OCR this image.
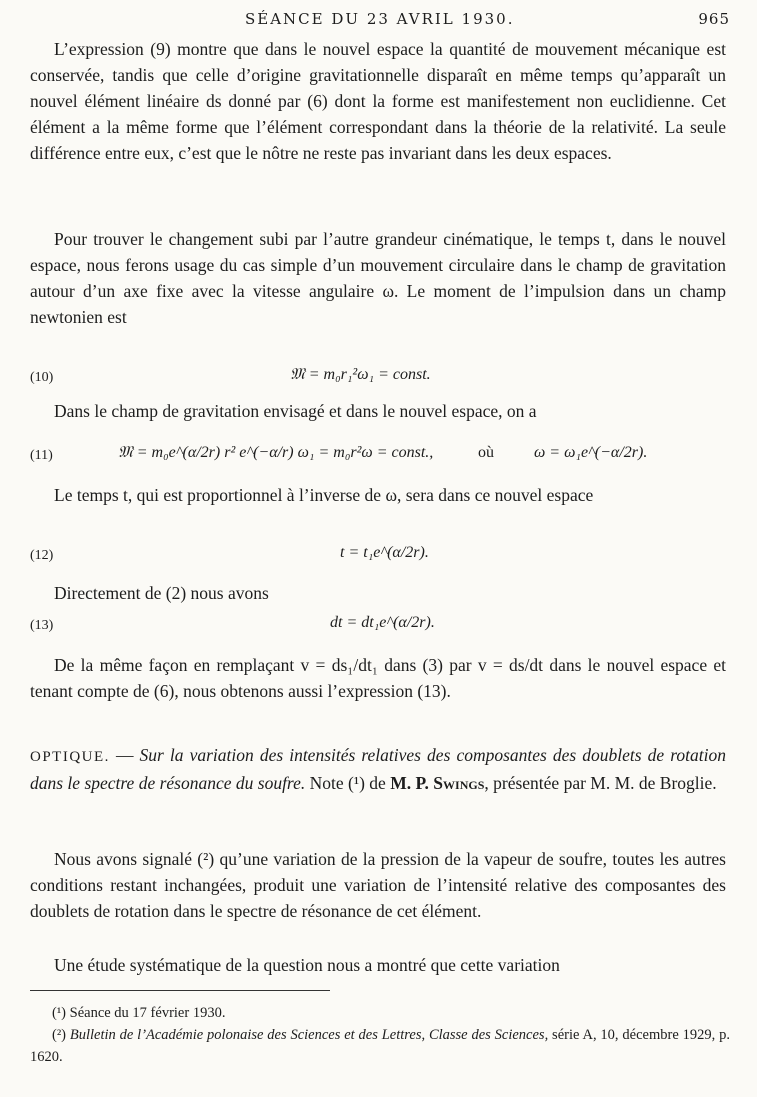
SÉANCE DU 23 AVRIL 1930.	965
L’expression (9) montre que dans le nouvel espace la quantité de mouvement mécanique est conservée, tandis que celle d’origine gravitationnelle disparaît en même temps qu’apparaît un nouvel élément linéaire ds donné par (6) dont la forme est manifestement non euclidienne. Cet élément a la même forme que l’élément correspondant dans la théorie de la relativité. La seule différence entre eux, c’est que le nôtre ne reste pas invariant dans les deux espaces.
Pour trouver le changement subi par l’autre grandeur cinématique, le temps t, dans le nouvel espace, nous ferons usage du cas simple d’un mouvement circulaire dans le champ de gravitation autour d’un axe fixe avec la vitesse angulaire ω. Le moment de l’impulsion dans un champ newtonien est
(10)	𝔐 = m₀r₁²ω₁ = const.
Dans le champ de gravitation envisagé et dans le nouvel espace, on a
(11)	𝔐 = m₀e^(α/2r) r² e^(−α/r) ω₁ = m₀r²ω = const.,	où	ω = ω₁e^(−α/2r).
Le temps t, qui est proportionnel à l’inverse de ω, sera dans ce nouvel espace
(12)	t = t₁e^(α/2r).
Directement de (2) nous avons
(13)	dt = dt₁e^(α/2r).
De la même façon en remplaçant v = ds₁/dt₁ dans (3) par v = ds/dt dans le nouvel espace et tenant compte de (6), nous obtenons aussi l’expression (13).
OPTIQUE. — Sur la variation des intensités relatives des composantes des doublets de rotation dans le spectre de résonance du soufre. Note (¹) de M. P. Swings, présentée par M. M. de Broglie.
Nous avons signalé (²) qu’une variation de la pression de la vapeur de soufre, toutes les autres conditions restant inchangées, produit une variation de l’intensité relative des composantes des doublets de rotation dans le spectre de résonance de cet élément.
Une étude systématique de la question nous a montré que cette variation
(¹) Séance du 17 février 1930.
(²) Bulletin de l’Académie polonaise des Sciences et des Lettres, Classe des Sciences, série A, 10, décembre 1929, p. 1620.
